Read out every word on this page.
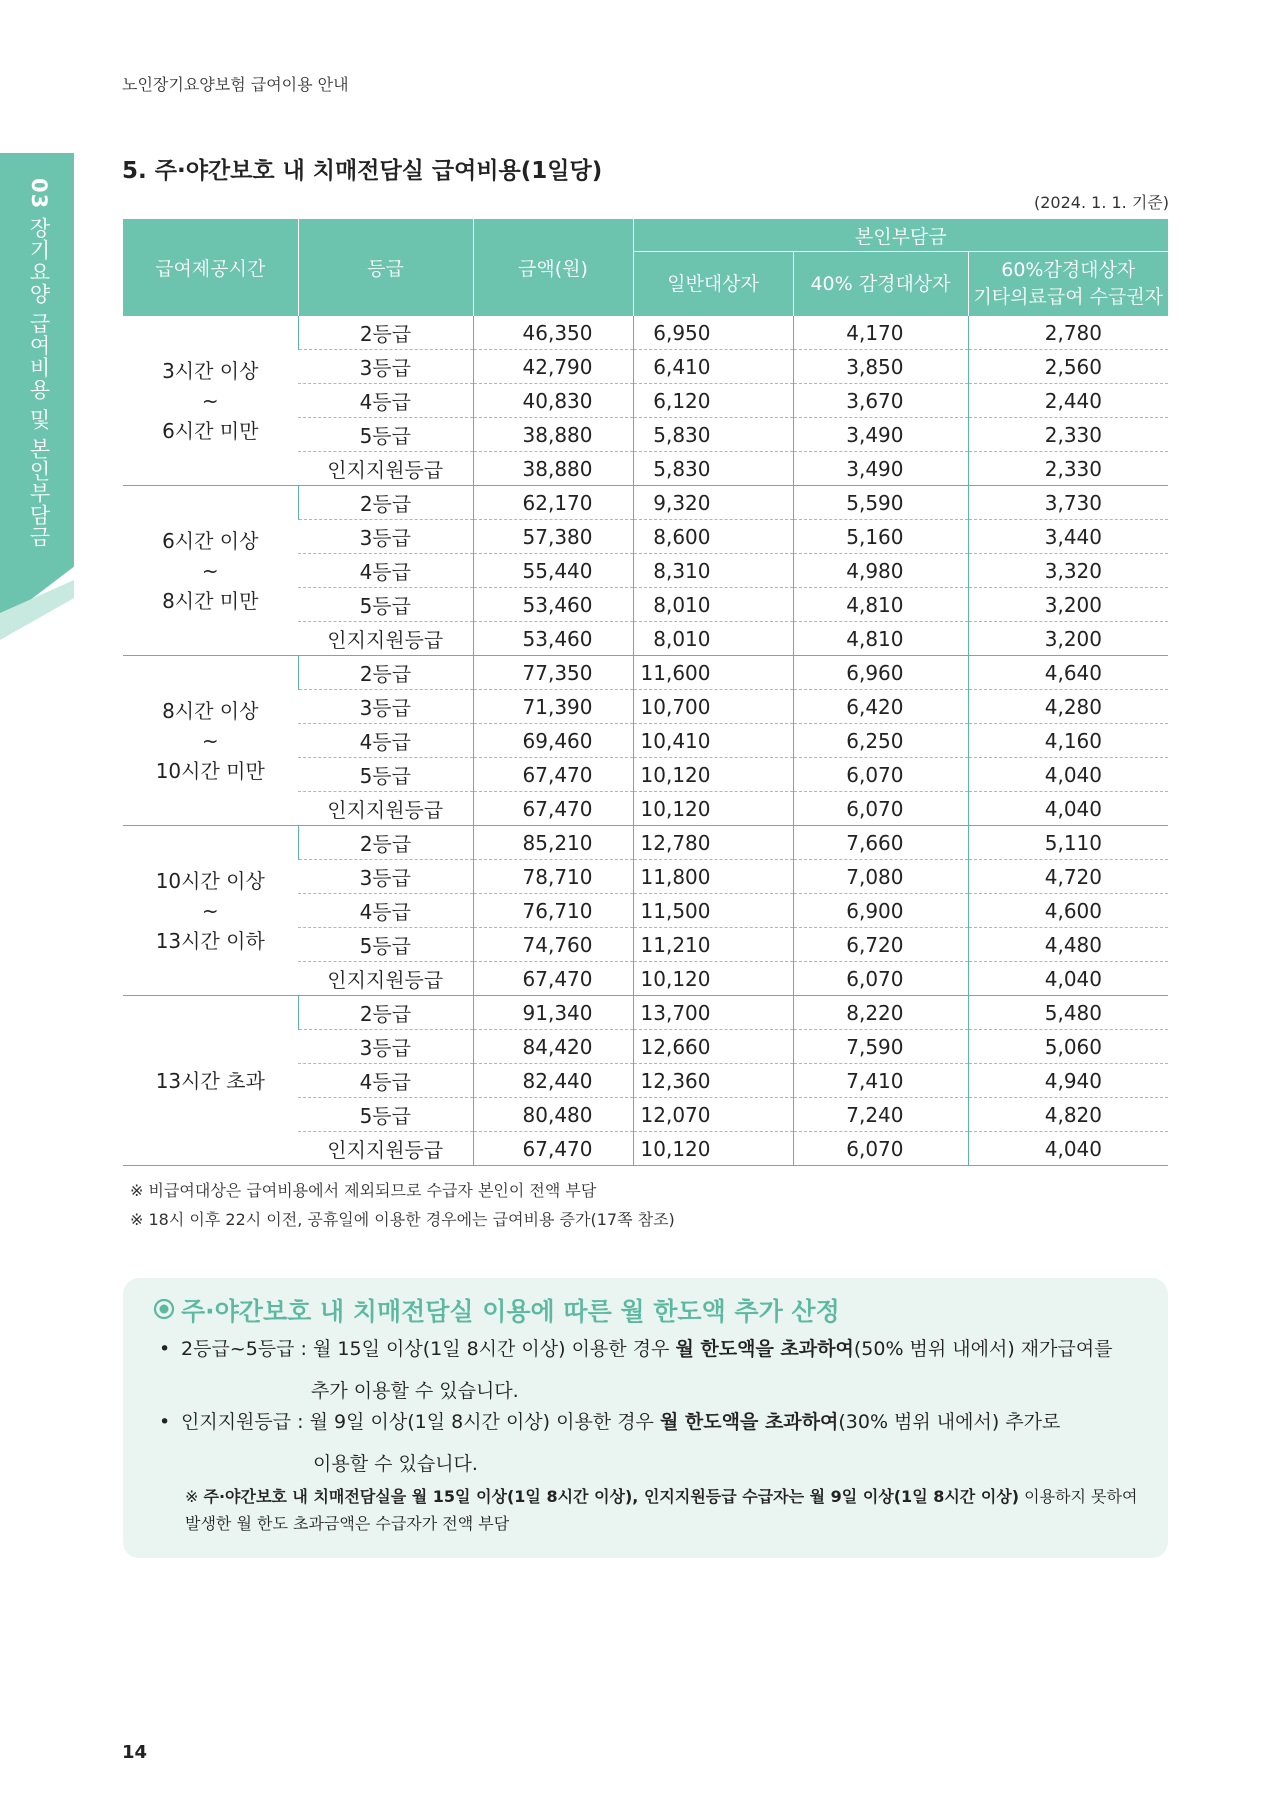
노인장기요양보험 급여이용 안내
03 장기요양 급여비용 및 본인부담금
5. 주·야간보호 내 치매전담실 급여비용(1일당)
(2024. 1. 1. 기준)
급여제공시간	등급	금액(원)	본인부담금		
			일반대상자	40% 감경대상자	60%감경대상자
기타의료급여 수급권자

3시간 이상
~
6시간 미만	2등급	46,350	6,950	4,170	2,780
	3등급	42,790	6,410	3,850	2,560
	4등급	40,830	6,120	3,670	2,440
	5등급	38,880	5,830	3,490	2,330
	인지지원등급	38,880	5,830	3,490	2,330

6시간 이상
~
8시간 미만	2등급	62,170	9,320	5,590	3,730
	3등급	57,380	8,600	5,160	3,440
	4등급	55,440	8,310	4,980	3,320
	5등급	53,460	8,010	4,810	3,200
	인지지원등급	53,460	8,010	4,810	3,200

8시간 이상
~
10시간 미만	2등급	77,350	11,600	6,960	4,640
	3등급	71,390	10,700	6,420	4,280
	4등급	69,460	10,410	6,250	4,160
	5등급	67,470	10,120	6,070	4,040
	인지지원등급	67,470	10,120	6,070	4,040

10시간 이상
~
13시간 이하	2등급	85,210	12,780	7,660	5,110
	3등급	78,710	11,800	7,080	4,720
	4등급	76,710	11,500	6,900	4,600
	5등급	74,760	11,210	6,720	4,480
	인지지원등급	67,470	10,120	6,070	4,040

13시간 초과	2등급	91,340	13,700	8,220	5,480
	3등급	84,420	12,660	7,590	5,060
	4등급	82,440	12,360	7,410	4,940
	5등급	80,480	12,070	7,240	4,820
	인지지원등급	67,470	10,120	6,070	4,040
※ 비급여대상은 급여비용에서 제외되므로 수급자 본인이 전액 부담
※ 18시 이후 22시 이전, 공휴일에 이용한 경우에는 급여비용 증가(17쪽 참조)
주·야간보호 내 치매전담실 이용에 따른 월 한도액 추가 산정
• 2등급~5등급 : 월 15일 이상(1일 8시간 이상) 이용한 경우 월 한도액을 초과하여(50% 범위 내에서) 재가급여를
추가 이용할 수 있습니다.
• 인지지원등급 : 월 9일 이상(1일 8시간 이상) 이용한 경우 월 한도액을 초과하여(30% 범위 내에서) 추가로
이용할 수 있습니다.
※ 주·야간보호 내 치매전담실을 월 15일 이상(1일 8시간 이상), 인지지원등급 수급자는 월 9일 이상(1일 8시간 이상) 이용하지 못하여 발생한 월 한도 초과금액은 수급자가 전액 부담
14
